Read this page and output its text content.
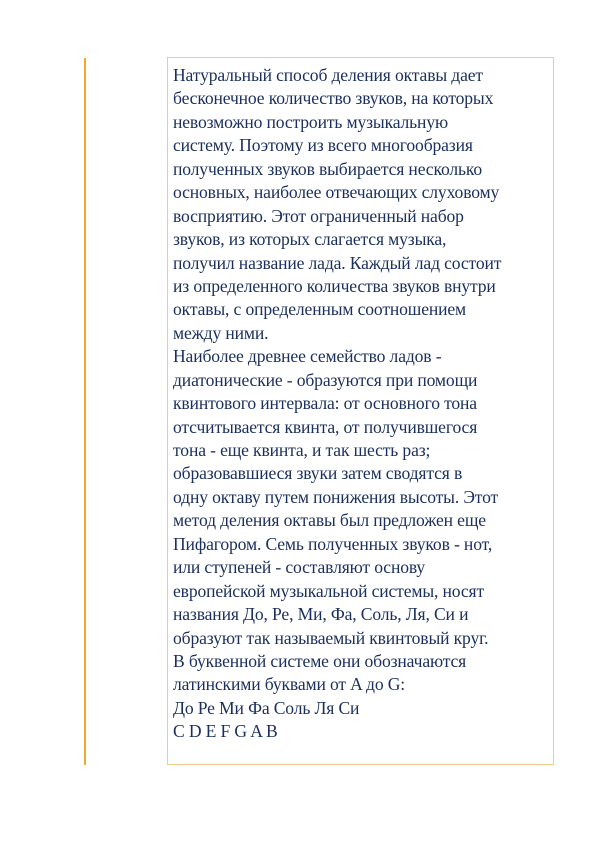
Натуральный способ деления октавы дает
бесконечное количество звуков, на которых
невозможно построить музыкальную
систему. Поэтому из всего многообразия
полученных звуков выбирается несколько
основных, наиболее отвечающих слуховому
восприятию. Этот ограниченный набор
звуков, из которых слагается музыка,
получил название лада. Каждый лад состоит
из определенного количества звуков внутри
октавы, с определенным соотношением
между ними.
Наиболее древнее семейство ладов -
диатонические - образуются при помощи
квинтового интервала: от основного тона
отсчитывается квинта, от получившегося
тона - еще квинта, и так шесть раз;
образовавшиеся звуки затем сводятся в
одну октаву путем понижения высоты. Этот
метод деления октавы был предложен еще
Пифагором. Семь полученных звуков - нот,
или ступеней - составляют основу
европейской музыкальной системы, носят
названия До, Ре, Ми, Фа, Соль, Ля, Си и
образуют так называемый квинтовый круг.
В буквенной системе они обозначаются
латинскими буквами от A до G:
До Ре Ми Фа Соль Ля Си
C D E F G A B
